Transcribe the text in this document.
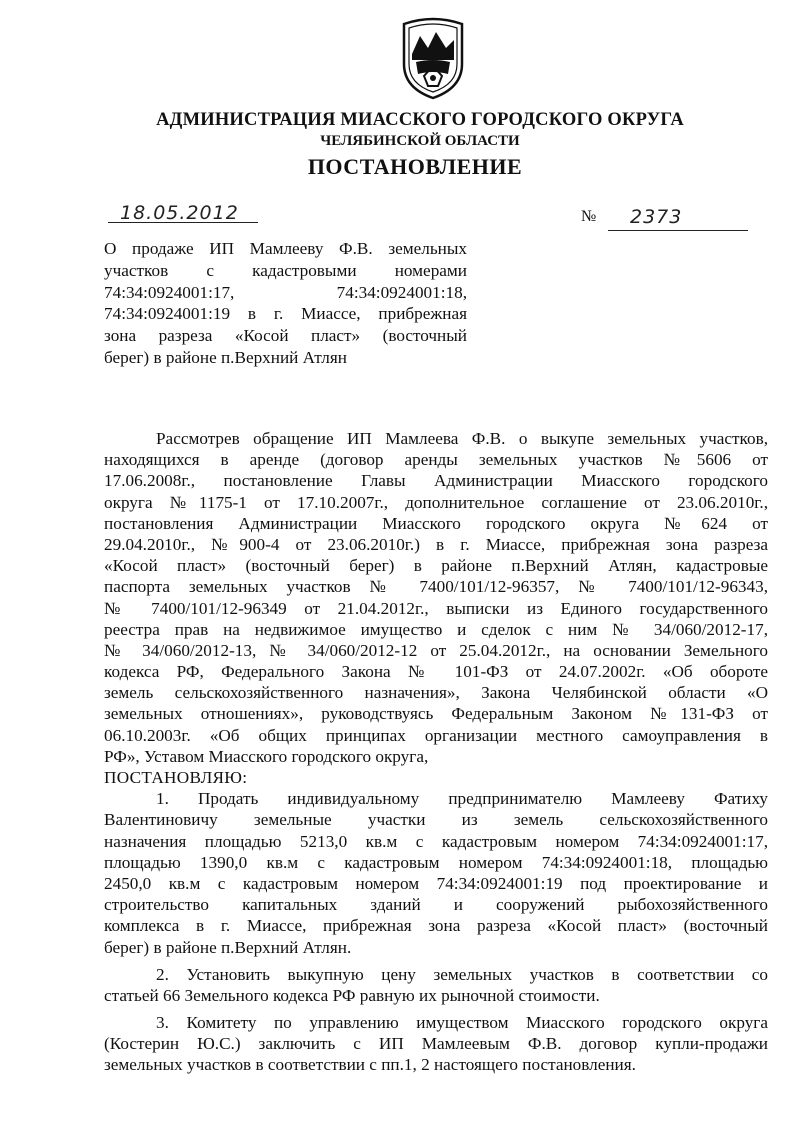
АДМИНИСТРАЦИЯ МИАССКОГО ГОРОДСКОГО ОКРУГА
ЧЕЛЯБИНСКОЙ ОБЛАСТИ
ПОСТАНОВЛЕНИЕ
18.05.2012	№ 2373
О продаже ИП Мамлееву Ф.В. земельных
участков с кадастровыми номерами
74:34:0924001:17, 74:34:0924001:18,
74:34:0924001:19 в г. Миассе, прибрежная
зона разреза «Косой пласт» (восточный
берег) в районе п.Верхний Атлян
Рассмотрев обращение ИП Мамлеева Ф.В. о выкупе земельных участков,
находящихся в аренде (договор аренды земельных участков №5606 от
17.06.2008г., постановление Главы Администрации Миасского городского
округа №1175-1 от 17.10.2007г., дополнительное соглашение от 23.06.2010г.,
постановления Администрации Миасского городского округа №624 от
29.04.2010г., №900-4 от 23.06.2010г.) в г. Миассе, прибрежная зона разреза
«Косой пласт» (восточный берег) в районе п.Верхний Атлян, кадастровые
паспорта земельных участков № 7400/101/12-96357, № 7400/101/12-96343,
№ 7400/101/12-96349 от 21.04.2012г., выписки из Единого государственного
реестра прав на недвижимое имущество и сделок с ним № 34/060/2012-17,
№ 34/060/2012-13, № 34/060/2012-12 от 25.04.2012г., на основании Земельного
кодекса РФ, Федерального Закона № 101-ФЗ от 24.07.2002г. «Об обороте
земель сельскохозяйственного назначения», Закона Челябинской области «О
земельных отношениях», руководствуясь Федеральным Законом №131-ФЗ от
06.10.2003г. «Об общих принципах организации местного самоуправления в
РФ», Уставом Миасского городского округа,
ПОСТАНОВЛЯЮ:
1. Продать индивидуальному предпринимателю Мамлееву Фатиху
Валентиновичу земельные участки из земель сельскохозяйственного
назначения площадью 5213,0 кв.м с кадастровым номером 74:34:0924001:17,
площадью 1390,0 кв.м с кадастровым номером 74:34:0924001:18, площадью
2450,0 кв.м с кадастровым номером 74:34:0924001:19 под проектирование и
строительство капитальных зданий и сооружений рыбохозяйственного
комплекса в г. Миассе, прибрежная зона разреза «Косой пласт» (восточный
берег) в районе п.Верхний Атлян.
2. Установить выкупную цену земельных участков в соответствии со
статьей 66 Земельного кодекса РФ равную их рыночной стоимости.
3. Комитету по управлению имуществом Миасского городского округа
(Костерин Ю.С.) заключить с ИП Мамлеевым Ф.В. договор купли-продажи
земельных участков в соответствии с пп.1, 2 настоящего постановления.
